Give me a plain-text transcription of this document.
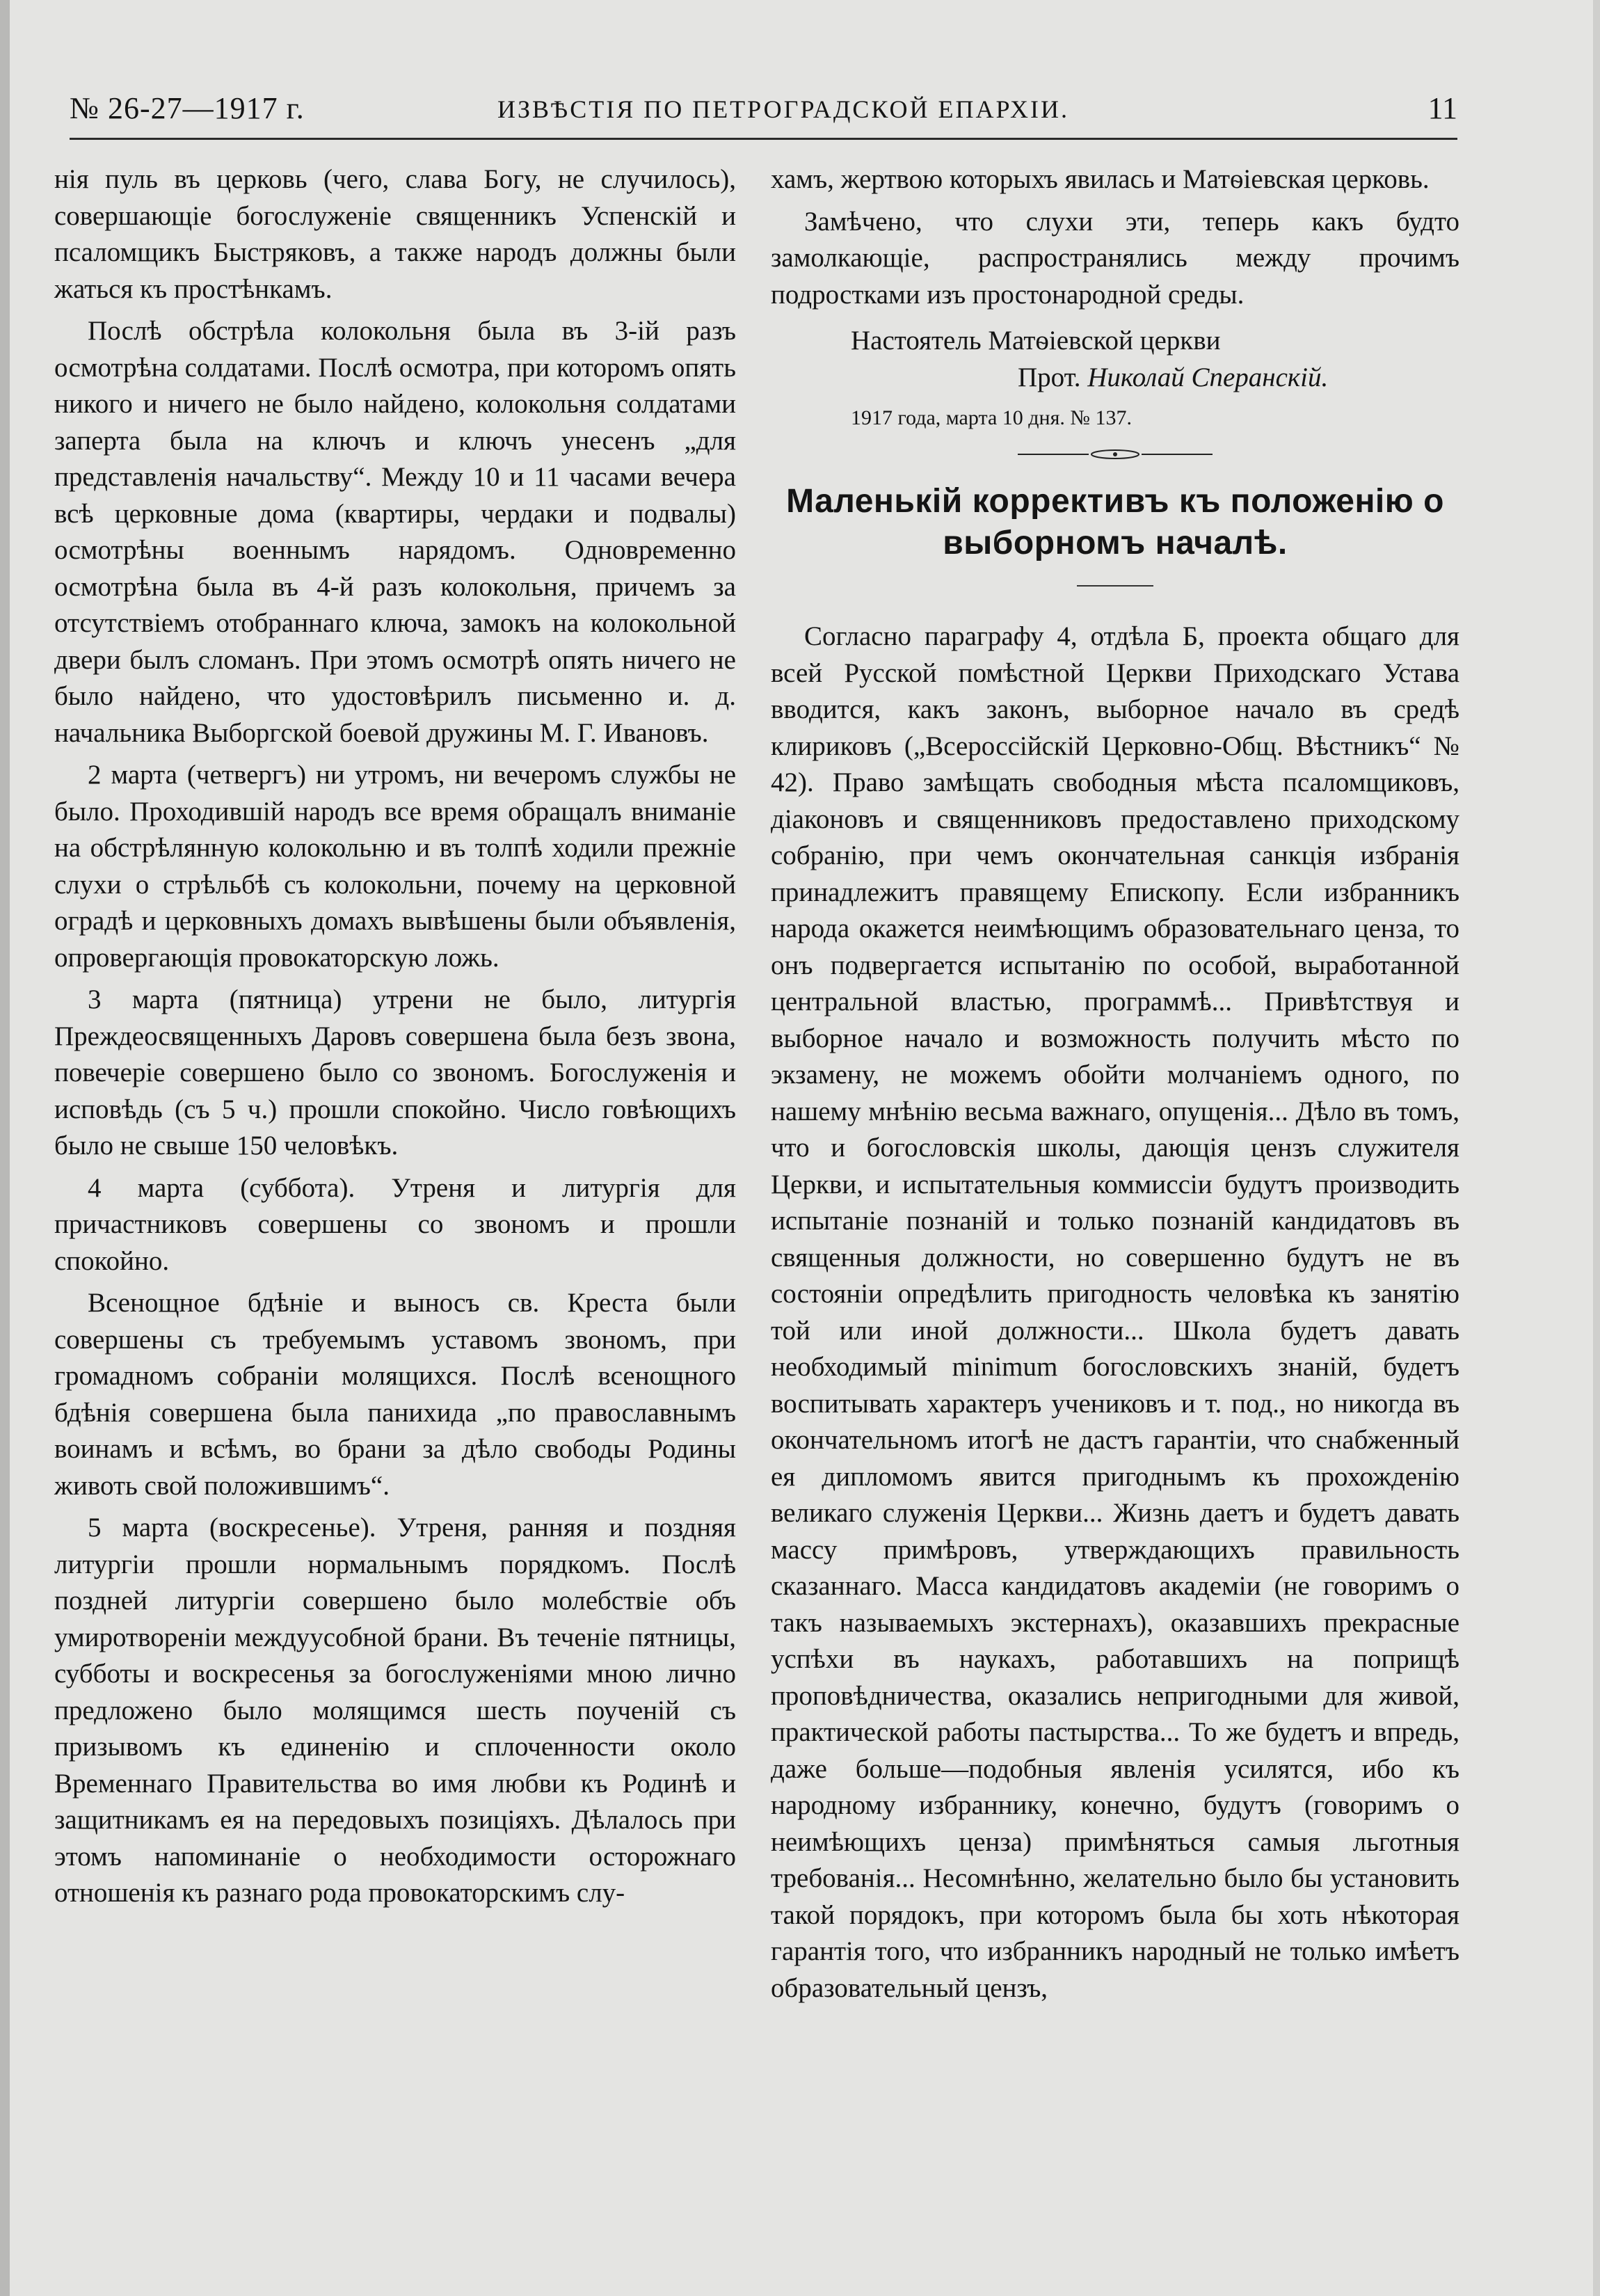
№ 26-27—1917 г.	ИЗВѢСТІЯ ПО ПЕТРОГРАДСКОЙ ЕПАРХІИ.	11

нія пуль въ церковь (чего, слава Богу, не случилось), совершающіе богослуженіе священникъ Успенскій и псаломщикъ Быстряковъ, а также народъ должны были жаться къ простѣнкамъ.

Послѣ обстрѣла колокольня была въ 3-ій разъ осмотрѣна солдатами. Послѣ осмотра, при которомъ опять никого и ничего не было найдено, колокольня солдатами заперта была на ключъ и ключъ унесенъ „для представленія начальству“. Между 10 и 11 часами вечера всѣ церковные дома (квартиры, чердаки и подвалы) осмотрѣны военнымъ нарядомъ. Одновременно осмотрѣна была въ 4-й разъ колокольня, причемъ за отсутствіемъ отобраннаго ключа, замокъ на колокольной двери былъ сломанъ. При этомъ осмотрѣ опять ничего не было найдено, что удостовѣрилъ письменно и. д. начальника Выборгской боевой дружины М. Г. Ивановъ.

2 марта (четвергъ) ни утромъ, ни вечеромъ службы не было. Проходившій народъ все время обращалъ вниманіе на обстрѣлянную колокольню и въ толпѣ ходили прежніе слухи о стрѣльбѣ съ колокольни, почему на церковной оградѣ и церковныхъ домахъ вывѣшены были объявленія, опровергающія провокаторскую ложь.

3 марта (пятница) утрени не было, литургія Преждеосвященныхъ Даровъ совершена была безъ звона, повечеріе совершено было со звономъ. Богослуженія и исповѣдь (съ 5 ч.) прошли спокойно. Число говѣющихъ было не свыше 150 человѣкъ.

4 марта (суббота). Утреня и литургія для причастниковъ совершены со звономъ и прошли спокойно.

Всенощное бдѣніе и выносъ св. Креста были совершены съ требуемымъ уставомъ звономъ, при громадномъ собраніи молящихся. Послѣ всенощного бдѣнія совершена была панихида „по православнымъ воинамъ и всѣмъ, во брани за дѣло свободы Родины животь свой положившимъ“.

5 марта (воскресенье). Утреня, ранняя и поздняя литургіи прошли нормальнымъ порядкомъ. Послѣ поздней литургіи совершено было молебствіе объ умиротвореніи междуусобной брани. Въ теченіе пятницы, субботы и воскресенья за богослуженіями мною лично предложено было молящимся шесть поученій съ призывомъ къ единенію и сплоченности около Временнаго Правительства во имя любви къ Родинѣ и защитникамъ ея на передовыхъ позиціяхъ. Дѣлалось при этомъ напоминаніе о необходимости осторожнаго отношенія къ разнаго рода провокаторскимъ слу-

хамъ, жертвою которыхъ явилась и Матѳіевская церковь.

Замѣчено, что слухи эти, теперь какъ будто замолкающіе, распространялись между прочимъ подростками изъ простонародной среды.

Настоятель Матѳіевской церкви

Прот. Николай Сперанскій.

1917 года, марта 10 дня. № 137.

Маленькій коррективъ къ положенію о выборномъ началѣ.

Согласно параграфу 4, отдѣла Б, проекта общаго для всей Русской помѣстной Церкви Приходскаго Устава вводится, какъ законъ, выборное начало въ средѣ клириковъ („Всероссійскій Церковно-Общ. Вѣстникъ“ № 42). Право замѣщать свободныя мѣста псаломщиковъ, діаконовъ и священниковъ предоставлено приходскому собранію, при чемъ окончательная санкція избранія принадлежитъ правящему Епископу. Если избранникъ народа окажется неимѣющимъ образовательнаго ценза, то онъ подвергается испытанію по особой, выработанной центральной властью, программѣ... Привѣтствуя и выборное начало и возможность получить мѣсто по экзамену, не можемъ обойти молчаніемъ одного, по нашему мнѣнію весьма важнаго, опущенія... Дѣло въ томъ, что и богословскія школы, дающія цензъ служителя Церкви, и испытательныя коммиссіи будутъ производить испытаніе познаній и только познаній кандидатовъ въ священныя должности, но совершенно будутъ не въ состояніи опредѣлить пригодность человѣка къ занятію той или иной должности... Школа будетъ давать необходимый minimum богословскихъ знаній, будетъ воспитывать характеръ учениковъ и т. под., но никогда въ окончательномъ итогѣ не дастъ гарантіи, что снабженный ея дипломомъ явится пригоднымъ къ прохожденію великаго служенія Церкви... Жизнь даетъ и будетъ давать массу примѣровъ, утверждающихъ правильность сказаннаго. Масса кандидатовъ академіи (не говоримъ о такъ называемыхъ экстернахъ), оказавшихъ прекрасные успѣхи въ наукахъ, работавшихъ на поприщѣ проповѣдничества, оказались непригодными для живой, практической работы пастырства... То же будетъ и впредь, даже больше—подобныя явленія усилятся, ибо къ народному избраннику, конечно, будутъ (говоримъ о неимѣющихъ ценза) примѣняться самыя льготныя требованія... Несомнѣнно, желательно было бы установить такой порядокъ, при которомъ была бы хоть нѣкоторая гарантія того, что избранникъ народный не только имѣетъ образовательный цензъ,
